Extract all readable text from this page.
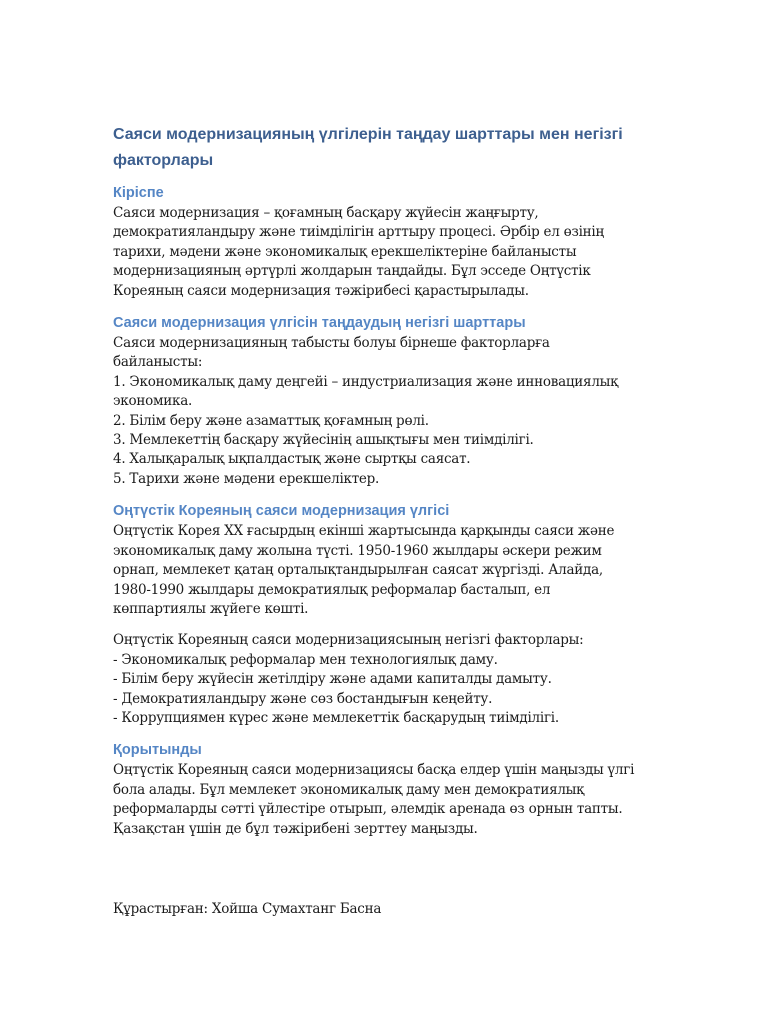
Саяси модернизацияның үлгілерін таңдау шарттары мен негізгі
факторлары
Кіріспе

Саяси модернизация – қоғамның басқару жүйесін жаңғырту,
демократияландыру және тиімділігін арттыру процесі. Әрбір ел өзінің
тарихи, мәдени және экономикалық ерекшеліктеріне байланысты
модернизацияның әртүрлі жолдарын таңдайды. Бұл эсседе Оңтүстік
Кореяның саяси модернизация тәжірибесі қарастырылады.

Саяси модернизация үлгісін таңдаудың негізгі шарттары

Саяси модернизацияның табысты болуы бірнеше факторларға
байланысты:
1. Экономикалық даму деңгейі – индустриализация және инновациялық
экономика.
2. Білім беру және азаматтық қоғамның рөлі.
3. Мемлекеттің басқару жүйесінің ашықтығы мен тиімділігі.
4. Халықаралық ықпалдастық және сыртқы саясат.
5. Тарихи және мәдени ерекшеліктер.

Оңтүстік Кореяның саяси модернизация үлгісі

Оңтүстік Корея XX ғасырдың екінші жартысында қарқынды саяси және
экономикалық даму жолына түсті. 1950-1960 жылдары әскери режим
орнап, мемлекет қатаң орталықтандырылған саясат жүргізді. Алайда,
1980-1990 жылдары демократиялық реформалар басталып, ел
көппартиялы жүйеге көшті.

Оңтүстік Кореяның саяси модернизациясының негізгі факторлары:
- Экономикалық реформалар мен технологиялық даму.
- Білім беру жүйесін жетілдіру және адами капиталды дамыту.
- Демократияландыру және сөз бостандығын кеңейту.
- Коррупциямен күрес және мемлекеттік басқарудың тиімділігі.

Қорытынды

Оңтүстік Кореяның саяси модернизациясы басқа елдер үшін маңызды үлгі
бола алады. Бұл мемлекет экономикалық даму мен демократиялық
реформаларды сәтті үйлестіре отырып, әлемдік аренада өз орнын тапты.
Қазақстан үшін де бұл тәжірибені зерттеу маңызды.

Құрастырған: Хойша Сумахтанг Басна
